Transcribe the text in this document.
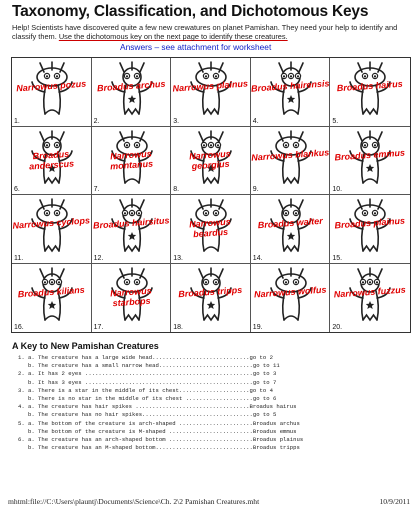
Taxonomy, Classification, and Dichotomous Keys
Help! Scientists have discovered quite a few new crewatures on planet Pamishan. They need your help to identify and classify them. Use the dichotomous key on the next page to identify these creatures.
Answers – see attachment for worksheet
Narrowus pozus
1.
Broadus archus
2.
Narrowus plainus
3.
Broadus hairensis
4.
Broadus hairus
5.
Broadus anderscus
6.
Narrowus montanus
7.
Narrowus georgius
8.
Narrowus blankus
9.
Broadus emmus
10.
Narrowus cyclops
11.
Broadus hairsitus
12.
Narrowus beardus
13.
Broadus walter
14.
Broadus plainus
15.
Broadus kilians
16.
Narrowus starbops
17.
Broadus tripps
18.
Narrowus wolfus
19.
Narrowus fuzzus
20.
A Key to New Pamishan Creatures
1. a. The creature has a large wide head.............................go to 2
b. The creature has a small narrow head............................go to 11
2. a. It has 2 eyes ..................................................go to 3
b. It has 3 eyes ..................................................go to 7
3. a. There is a star in the middle of its chest.....................go to 4
b. There is no star in the middle of its chest ....................go to 6
4. a. The creature has hair spikes ..................................Broadus hairus
b. The creature has no hair spikes.................................go to 5
5. a. The bottom of the creature is arch-shaped ......................Broadus archus
b. The bottom of the creature is M-shaped .........................Broadus emmus
6. a. The creature has an arch-shaped bottom .........................Broadus plainus
b. The creature has an M-shaped bottom.............................Broadus tripps
mhtml:file://C:\Users\plauntj\Documents\Science\Ch. 2\2 Pamishan Creatures.mht	10/9/2011
